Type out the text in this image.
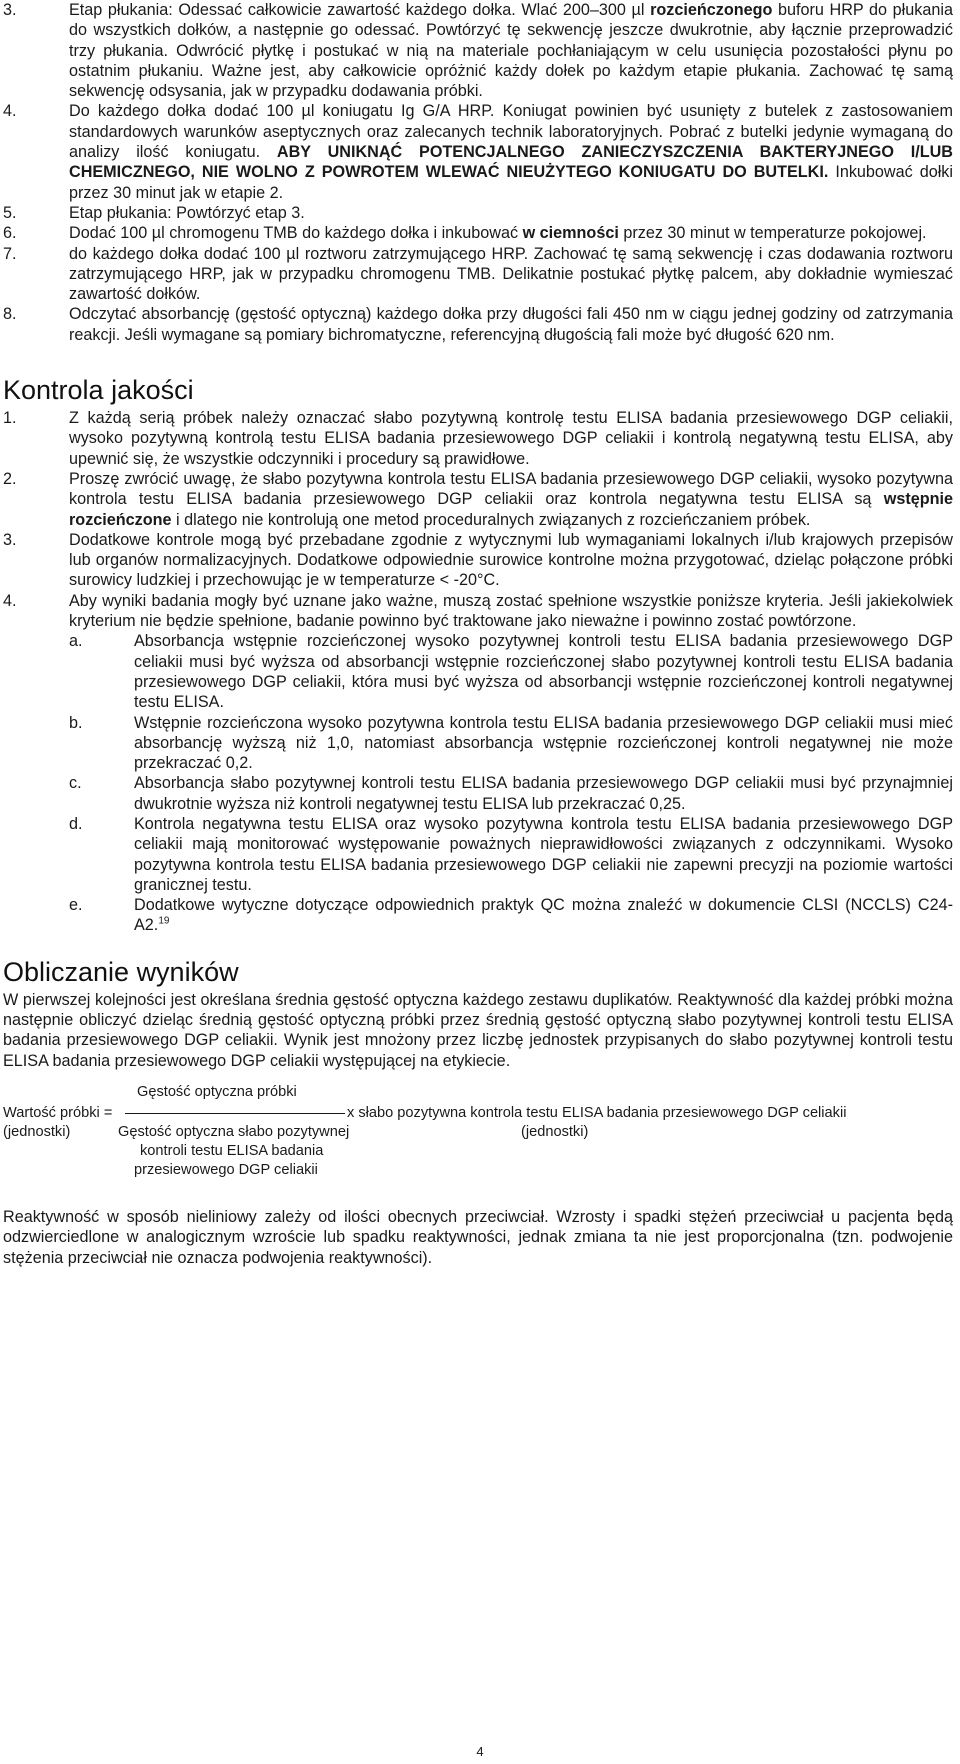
3.	Etap płukania: Odessać całkowicie zawartość każdego dołka. Wlać 200–300 µl rozcieńczonego buforu HRP do płukania do wszystkich dołków, a następnie go odessać. Powtórzyć tę sekwencję jeszcze dwukrotnie, aby łącznie przeprowadzić trzy płukania. Odwrócić płytkę i postukać w nią na materiale pochłaniającym w celu usunięcia pozostałości płynu po ostatnim płukaniu. Ważne jest, aby całkowicie opróżnić każdy dołek po każdym etapie płukania. Zachować tę samą sekwencję odsysania, jak w przypadku dodawania próbki.
4.	Do każdego dołka dodać 100 µl koniugatu Ig G/A HRP. Koniugat powinien być usunięty z butelek z zastosowaniem standardowych warunków aseptycznych oraz zalecanych technik laboratoryjnych. Pobrać z butelki jedynie wymaganą do analizy ilość koniugatu. ABY UNIKNĄĆ POTENCJALNEGO ZANIECZYSZCZENIA BAKTERYJNEGO I/LUB CHEMICZNEGO, NIE WOLNO Z POWROTEM WLEWAĆ NIEUŻYTEGO KONIUGATU DO BUTELKI. Inkubować dołki przez 30 minut jak w etapie 2.
5.	Etap płukania: Powtórzyć etap 3.
6.	Dodać 100 µl chromogenu TMB do każdego dołka i inkubować w ciemności przez 30 minut w temperaturze pokojowej.
7.	do każdego dołka dodać 100 µl roztworu zatrzymującego HRP. Zachować tę samą sekwencję i czas dodawania roztworu zatrzymującego HRP, jak w przypadku chromogenu TMB. Delikatnie postukać płytkę palcem, aby dokładnie wymieszać zawartość dołków.
8.	Odczytać absorbancję (gęstość optyczną) każdego dołka przy długości fali 450 nm w ciągu jednej godziny od zatrzymania reakcji. Jeśli wymagane są pomiary bichromatyczne, referencyjną długością fali może być długość 620 nm.
Kontrola jakości
1.	Z każdą serią próbek należy oznaczać słabo pozytywną kontrolę testu ELISA badania przesiewowego DGP celiakii, wysoko pozytywną kontrolą testu ELISA badania przesiewowego DGP celiakii i kontrolą negatywną testu ELISA, aby upewnić się, że wszystkie odczynniki i procedury są prawidłowe.
2.	Proszę zwrócić uwagę, że słabo pozytywna kontrola testu ELISA badania przesiewowego DGP celiakii, wysoko pozytywna kontrola testu ELISA badania przesiewowego DGP celiakii oraz kontrola negatywna testu ELISA są wstępnie rozcieńczone i dlatego nie kontrolują one metod proceduralnych związanych z rozcieńczaniem próbek.
3.	Dodatkowe kontrole mogą być przebadane zgodnie z wytycznymi lub wymaganiami lokalnych i/lub krajowych przepisów lub organów normalizacyjnych. Dodatkowe odpowiednie surowice kontrolne można przygotować, dzieląc połączone próbki surowicy ludzkiej i przechowując je w temperaturze < -20°C.
4.	Aby wyniki badania mogły być uznane jako ważne, muszą zostać spełnione wszystkie poniższe kryteria. Jeśli jakiekolwiek kryterium nie będzie spełnione, badanie powinno być traktowane jako nieważne i powinno zostać powtórzone.
a.	Absorbancja wstępnie rozcieńczonej wysoko pozytywnej kontroli testu ELISA badania przesiewowego DGP celiakii musi być wyższa od absorbancji wstępnie rozcieńczonej słabo pozytywnej kontroli testu ELISA badania przesiewowego DGP celiakii, która musi być wyższa od absorbancji wstępnie rozcieńczonej kontroli negatywnej testu ELISA.
b.	Wstępnie rozcieńczona wysoko pozytywna kontrola testu ELISA badania przesiewowego DGP celiakii musi mieć absorbancję wyższą niż 1,0, natomiast absorbancja wstępnie rozcieńczonej kontroli negatywnej nie może przekraczać 0,2.
c.	Absorbancja słabo pozytywnej kontroli testu ELISA badania przesiewowego DGP celiakii musi być przynajmniej dwukrotnie wyższa niż kontroli negatywnej testu ELISA lub przekraczać 0,25.
d.	Kontrola negatywna testu ELISA oraz wysoko pozytywna kontrola testu ELISA badania przesiewowego DGP celiakii mają monitorować występowanie poważnych nieprawidłowości związanych z odczynnikami. Wysoko pozytywna kontrola testu ELISA badania przesiewowego DGP celiakii nie zapewni precyzji na poziomie wartości granicznej testu.
e.	Dodatkowe wytyczne dotyczące odpowiednich praktyk QC można znaleźć w dokumencie CLSI (NCCLS) C24-A2.19
Obliczanie wyników

W pierwszej kolejności jest określana średnia gęstość optyczna każdego zestawu duplikatów. Reaktywność dla każdej próbki można następnie obliczyć dzieląc średnią gęstość optyczną próbki przez średnią gęstość optyczną słabo pozytywnej kontroli testu ELISA badania przesiewowego DGP celiakii. Wynik jest mnożony przez liczbę jednostek przypisanych do słabo pozytywnej kontroli testu ELISA badania przesiewowego DGP celiakii występującej na etykiecie.

Wartość próbki =
(jednostki)
Gęstość optyczna próbki
Gęstość optyczna słabo pozytywnej
kontroli testu ELISA badania
przesiewowego DGP celiakii
x słabo pozytywna kontrola testu ELISA badania przesiewowego DGP celiakii
(jednostki)

Reaktywność w sposób nieliniowy zależy od ilości obecnych przeciwciał. Wzrosty i spadki stężeń przeciwciał u pacjenta będą odzwierciedlone w analogicznym wzroście lub spadku reaktywności, jednak zmiana ta nie jest proporcjonalna (tzn. podwojenie stężenia przeciwciał nie oznacza podwojenia reaktywności).

4
